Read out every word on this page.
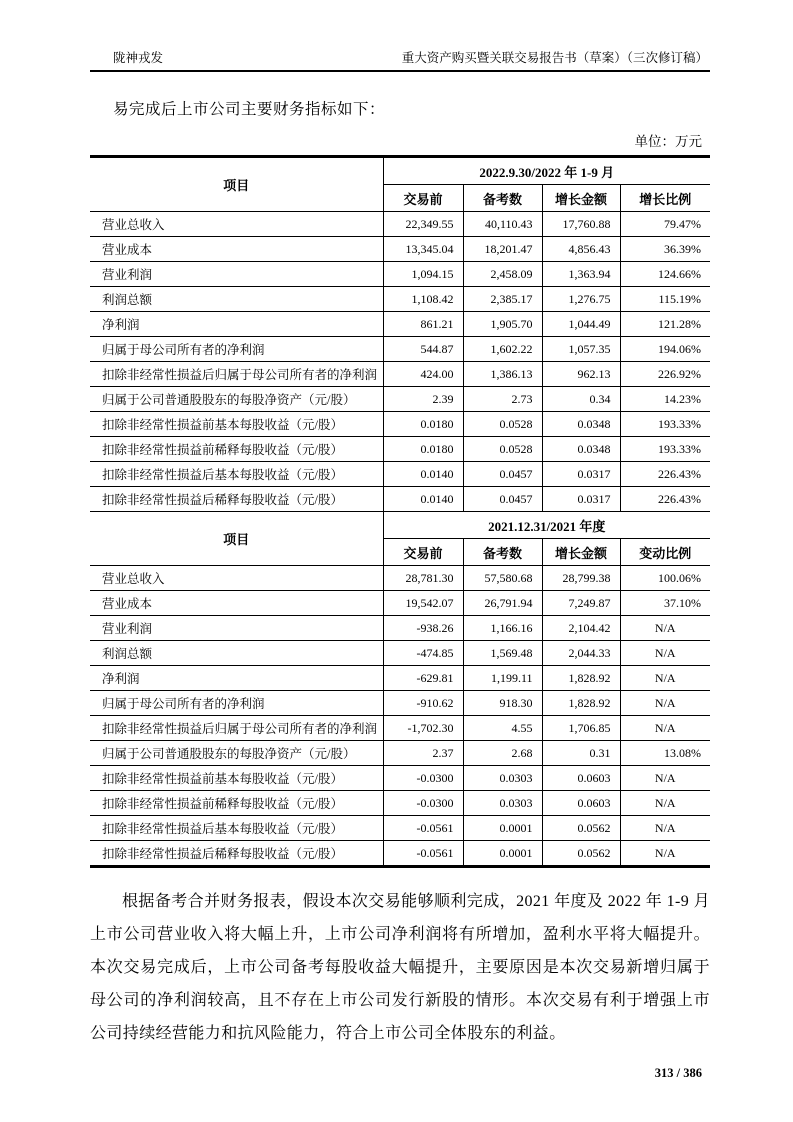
陇神戎发	重大资产购买暨关联交易报告书（草案）（三次修订稿）

易完成后上市公司主要财务指标如下：

单位：万元
项目	2022.9.30/2022 年 1-9 月			
	交易前	备考数	增长金额	增长比例
营业总收入	22,349.55	40,110.43	17,760.88	79.47%
营业成本	13,345.04	18,201.47	4,856.43	36.39%
营业利润	1,094.15	2,458.09	1,363.94	124.66%
利润总额	1,108.42	2,385.17	1,276.75	115.19%
净利润	861.21	1,905.70	1,044.49	121.28%
归属于母公司所有者的净利润	544.87	1,602.22	1,057.35	194.06%
扣除非经常性损益后归属于母公司所有者的净利润	424.00	1,386.13	962.13	226.92%
归属于公司普通股股东的每股净资产（元/股）	2.39	2.73	0.34	14.23%
扣除非经常性损益前基本每股收益（元/股）	0.0180	0.0528	0.0348	193.33%
扣除非经常性损益前稀释每股收益（元/股）	0.0180	0.0528	0.0348	193.33%
扣除非经常性损益后基本每股收益（元/股）	0.0140	0.0457	0.0317	226.43%
扣除非经常性损益后稀释每股收益（元/股）	0.0140	0.0457	0.0317	226.43%
项目	2021.12.31/2021 年度			
	交易前	备考数	增长金额	变动比例
营业总收入	28,781.30	57,580.68	28,799.38	100.06%
营业成本	19,542.07	26,791.94	7,249.87	37.10%
营业利润	-938.26	1,166.16	2,104.42	N/A
利润总额	-474.85	1,569.48	2,044.33	N/A
净利润	-629.81	1,199.11	1,828.92	N/A
归属于母公司所有者的净利润	-910.62	918.30	1,828.92	N/A
扣除非经常性损益后归属于母公司所有者的净利润	-1,702.30	4.55	1,706.85	N/A
归属于公司普通股股东的每股净资产（元/股）	2.37	2.68	0.31	13.08%
扣除非经常性损益前基本每股收益（元/股）	-0.0300	0.0303	0.0603	N/A
扣除非经常性损益前稀释每股收益（元/股）	-0.0300	0.0303	0.0603	N/A
扣除非经常性损益后基本每股收益（元/股）	-0.0561	0.0001	0.0562	N/A
扣除非经常性损益后稀释每股收益（元/股）	-0.0561	0.0001	0.0562	N/A

根据备考合并财务报表，假设本次交易能够顺利完成，2021 年度及 2022 年 1-9 月上市公司营业收入将大幅上升，上市公司净利润将有所增加，盈利水平将大幅提升。本次交易完成后，上市公司备考每股收益大幅提升，主要原因是本次交易新增归属于母公司的净利润较高，且不存在上市公司发行新股的情形。本次交易有利于增强上市公司持续经营能力和抗风险能力，符合上市公司全体股东的利益。

313 / 386
